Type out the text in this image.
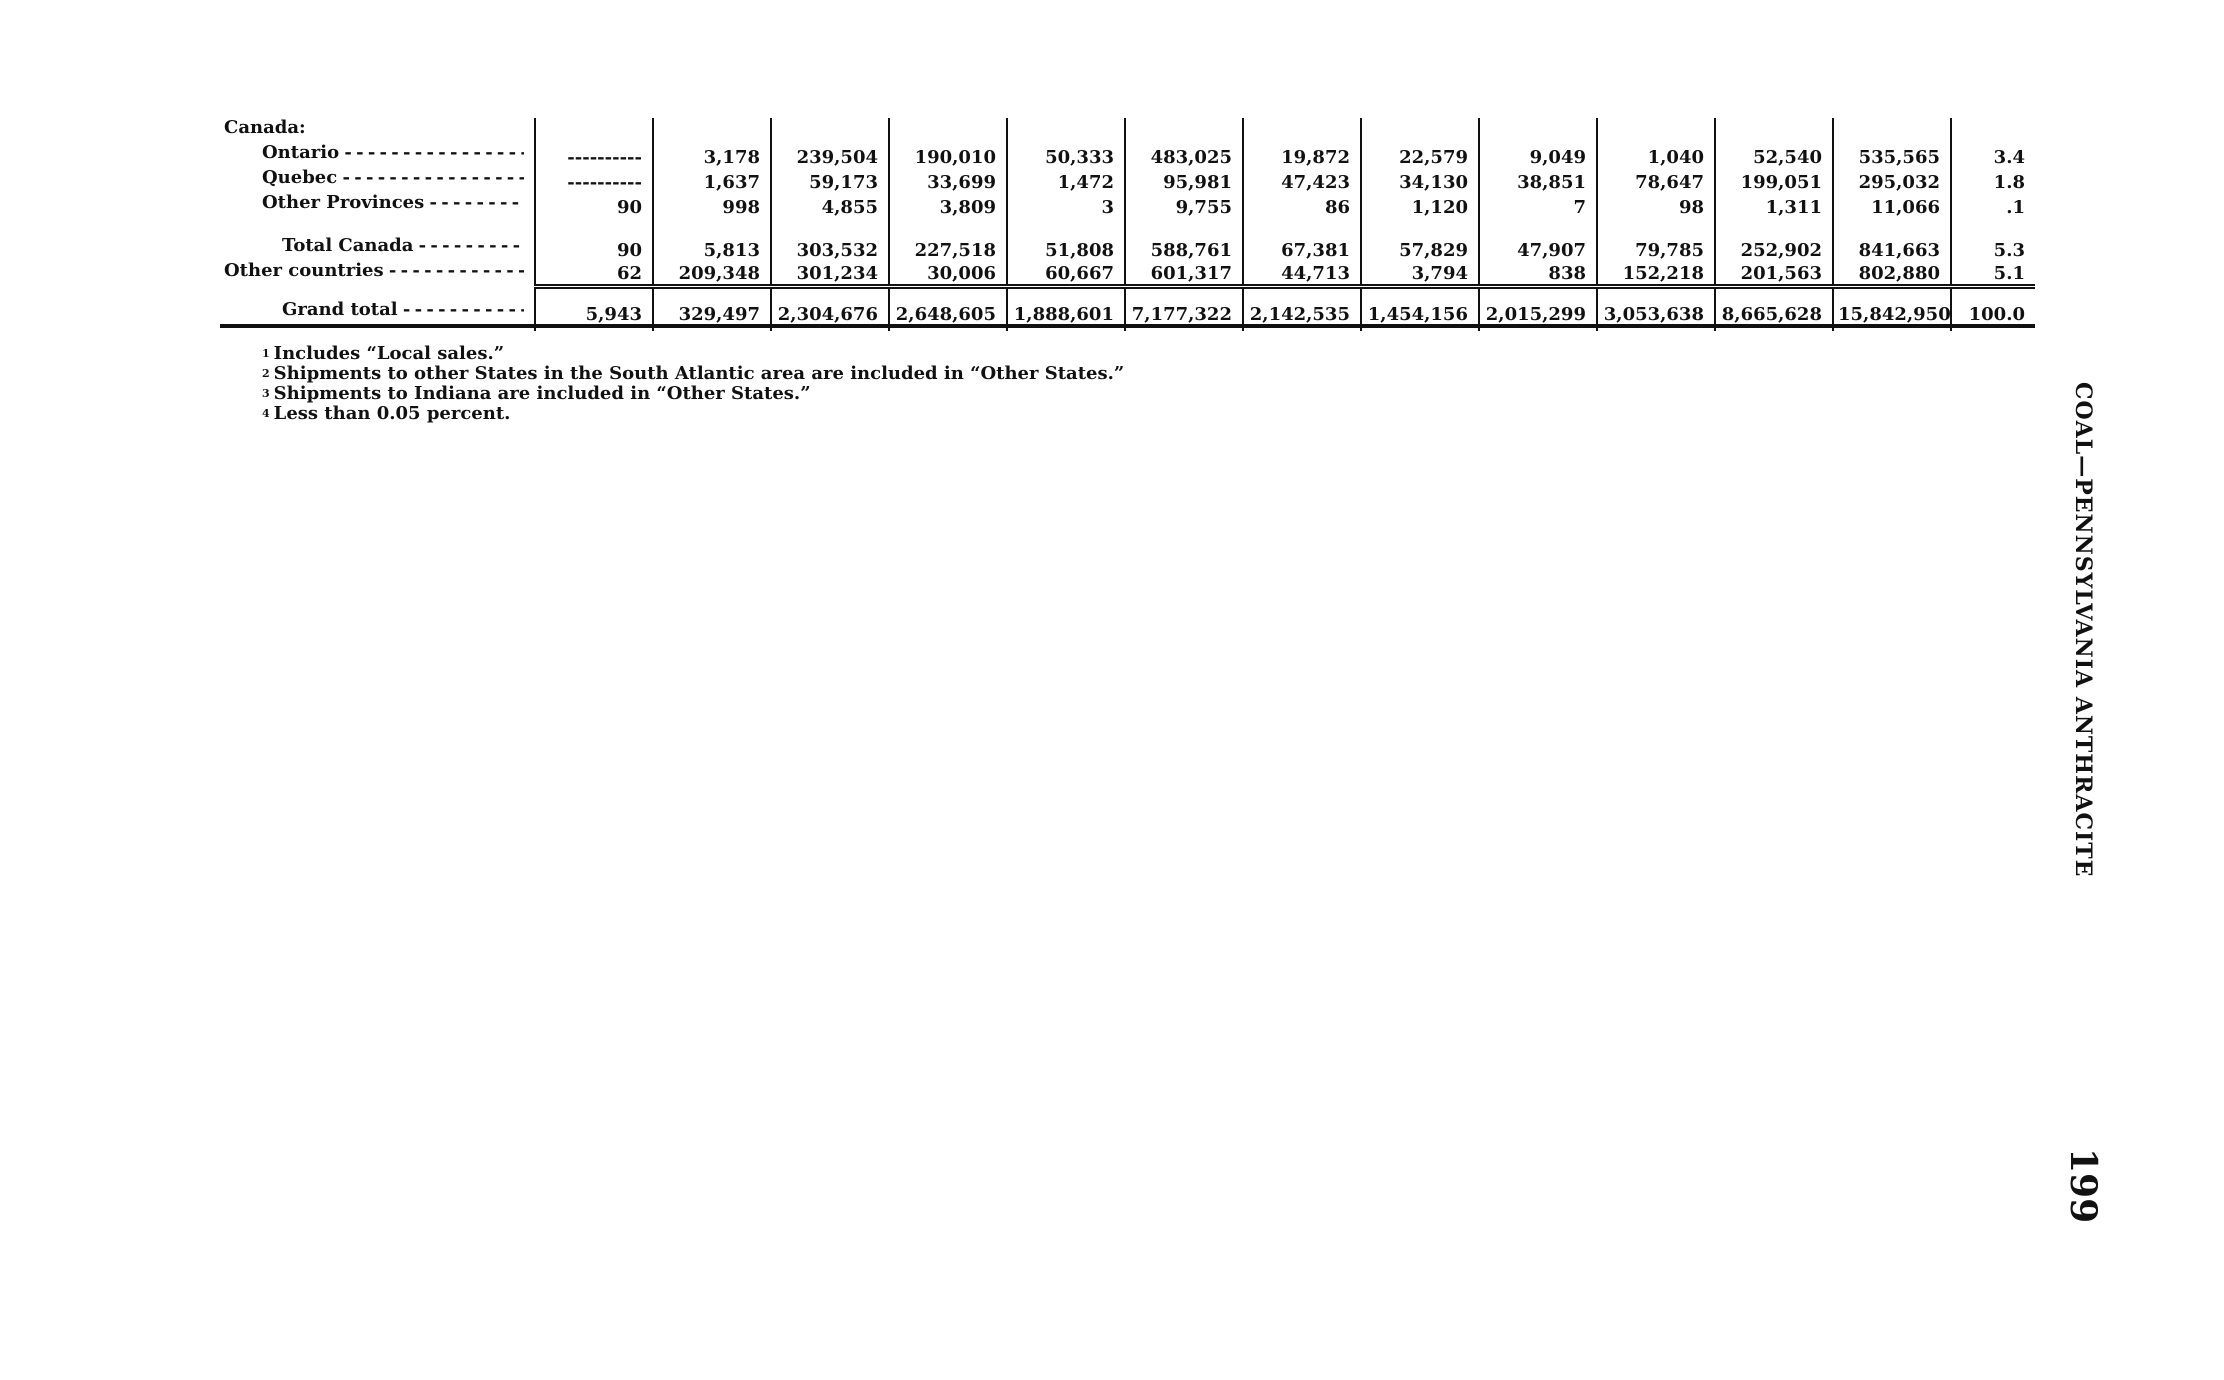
Canada:													
Ontario - - -	----------	3,178	239,504	190,010	50,333	483,025	19,872	22,579	9,049	1,040	52,540	535,565	3.4
Quebec - - -	----------	1,637	59,173	33,699	1,472	95,981	47,423	34,130	38,851	78,647	199,051	295,032	1.8
Other Provinces - - -	90	998	4,855	3,809	3	9,755	86	1,120	7	98	1,311	11,066	.1

Total Canada - - -	90	5,813	303,532	227,518	51,808	588,761	67,381	57,829	47,907	79,785	252,902	841,663	5.3
Other countries - - -	62	209,348	301,234	30,006	60,667	601,317	44,713	3,794	838	152,218	201,563	802,880	5.1
Grand total - - -	5,943	329,497	2,304,676	2,648,605	1,888,601	7,177,322	2,142,535	1,454,156	2,015,299	3,053,638	8,665,628	15,842,950	100.0
$^1$ Includes “Local sales.”
$^2$ Shipments to other States in the South Atlantic area are included in “Other States.”
$^3$ Shipments to Indiana are included in “Other States.”
$^4$ Less than 0.05 percent.	COAL—PENNSYLVANIA ANTHRACITE
199
